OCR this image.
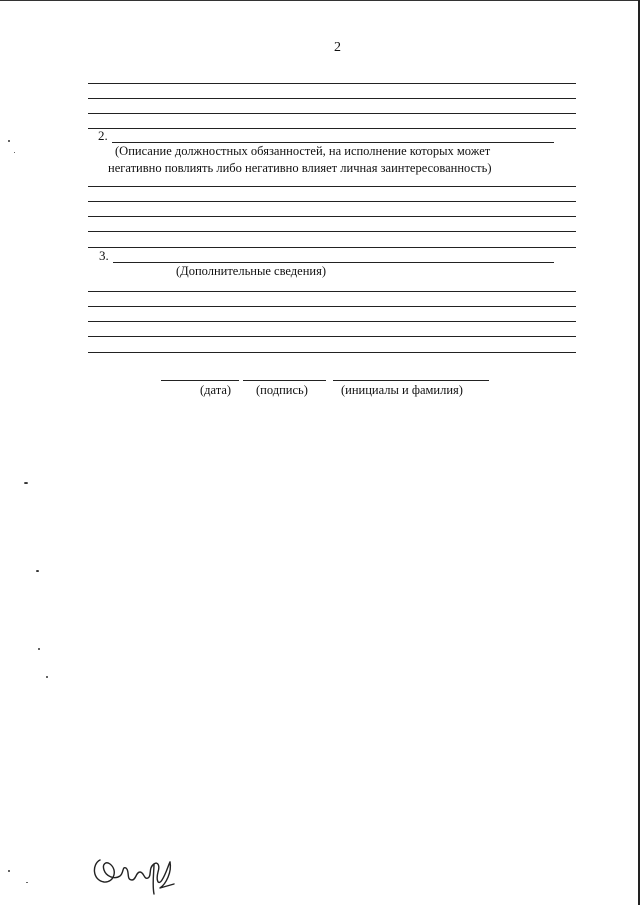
2
2.
(Описание должностных обязанностей, на исполнение которых может
негативно повлиять либо негативно влияет личная заинтересованность)
3.
(Дополнительные сведения)
(дата) (подпись)	(инициалы и фамилия)
